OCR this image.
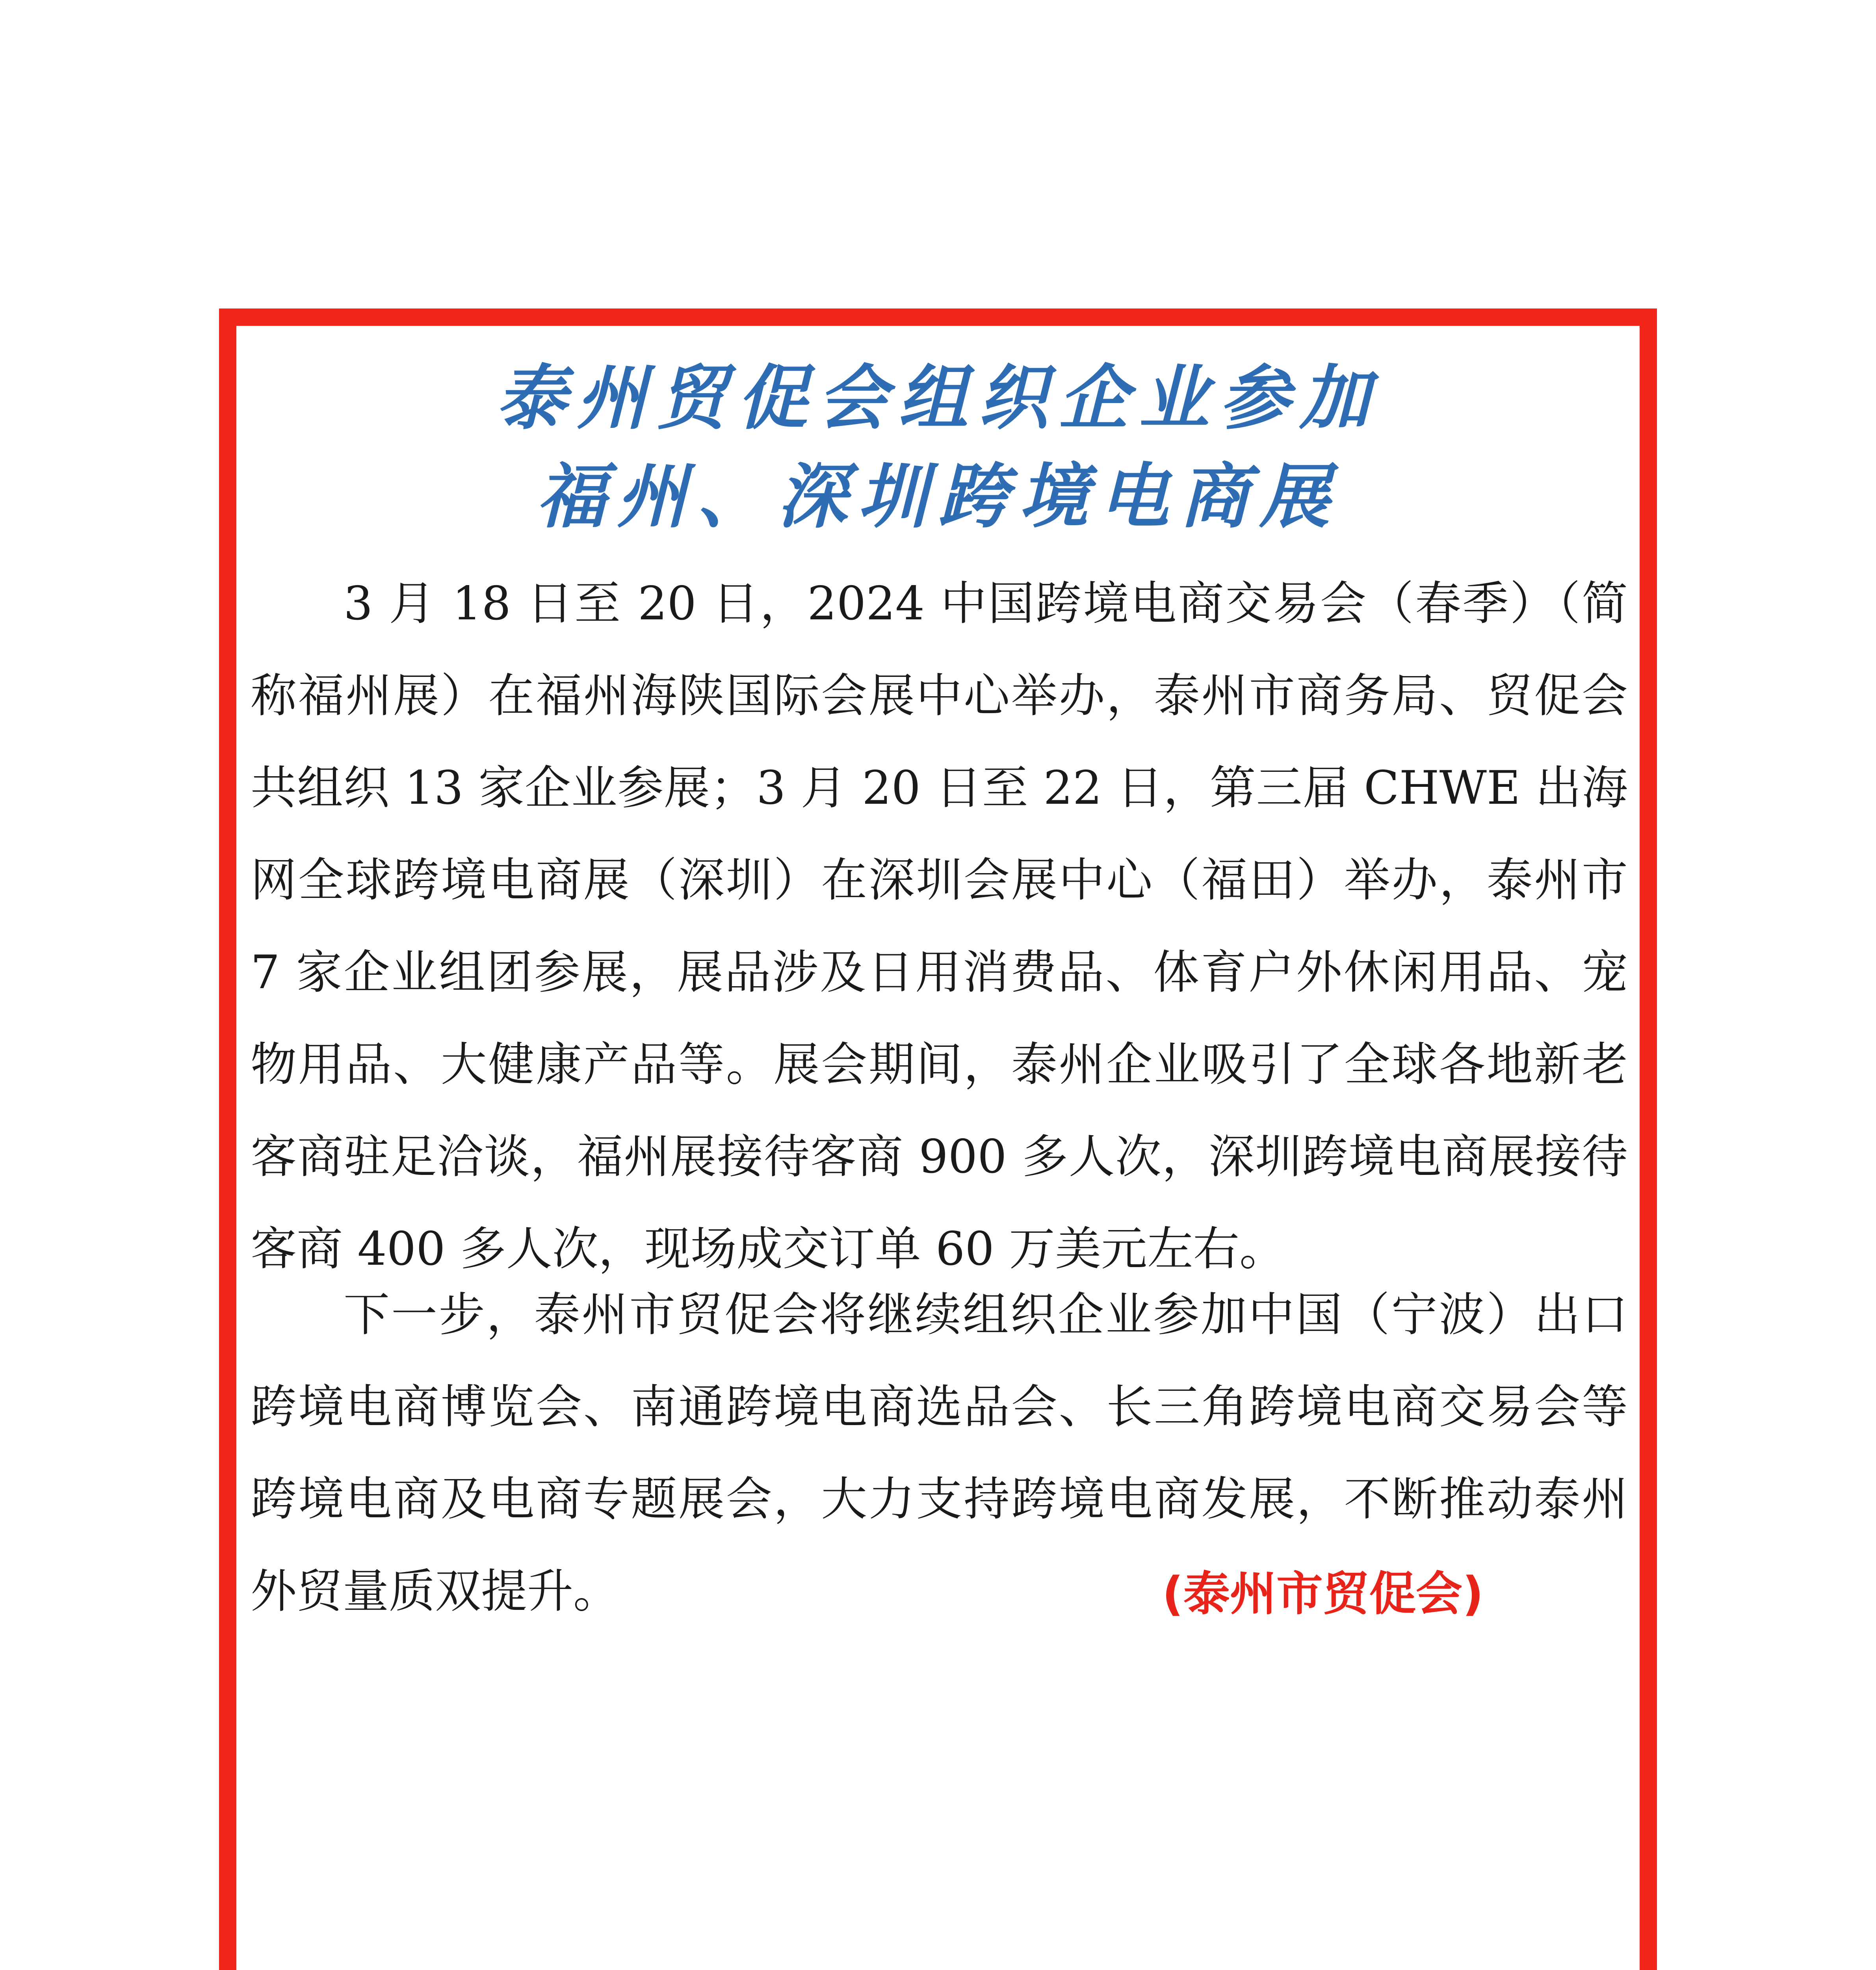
泰州贸促会组织企业参加
福州、深圳跨境电商展

3 月 18 日至 20 日，2024 中国跨境电商交易会（春季）（简称福州展）在福州海陕国际会展中心举办，泰州市商务局、贸促会共组织 13 家企业参展；3 月 20 日至 22 日，第三届 CHWE 出海网全球跨境电商展（深圳）在深圳会展中心（福田）举办，泰州市 7 家企业组团参展，展品涉及日用消费品、体育户外休闲用品、宠物用品、大健康产品等。展会期间，泰州企业吸引了全球各地新老客商驻足洽谈，福州展接待客商 900 多人次，深圳跨境电商展接待客商 400 多人次，现场成交订单 60 万美元左右。

下一步，泰州市贸促会将继续组织企业参加中国（宁波）出口跨境电商博览会、南通跨境电商选品会、长三角跨境电商交易会等跨境电商及电商专题展会，大力支持跨境电商发展，不断推动泰州外贸量质双提升。	(泰州市贸促会)
